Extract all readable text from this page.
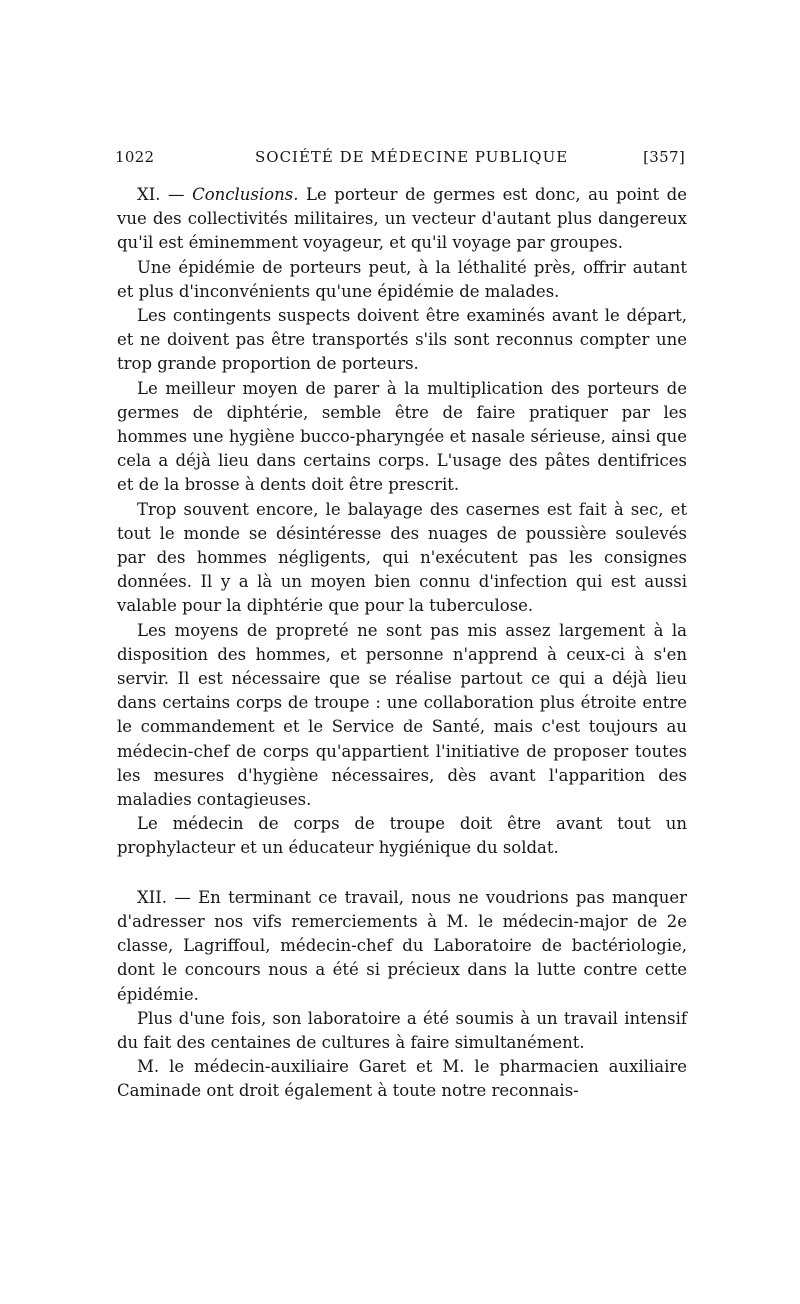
1022	SOCIÉTÉ DE MÉDECINE PUBLIQUE	[357]

XI. — Conclusions. Le porteur de germes est donc, au point de vue des collectivités militaires, un vecteur d'autant plus dangereux qu'il est éminemment voyageur, et qu'il voyage par groupes.

Une épidémie de porteurs peut, à la léthalité près, offrir autant et plus d'inconvénients qu'une épidémie de malades.

Les contingents suspects doivent être examinés avant le départ, et ne doivent pas être transportés s'ils sont reconnus compter une trop grande proportion de porteurs.

Le meilleur moyen de parer à la multiplication des porteurs de germes de diphtérie, semble être de faire pratiquer par les hommes une hygiène bucco-pharyngée et nasale sérieuse, ainsi que cela a déjà lieu dans certains corps. L'usage des pâtes dentifrices et de la brosse à dents doit être prescrit.

Trop souvent encore, le balayage des casernes est fait à sec, et tout le monde se désintéresse des nuages de poussière soulevés par des hommes négligents, qui n'exécutent pas les consignes données. Il y a là un moyen bien connu d'infection qui est aussi valable pour la diphtérie que pour la tuberculose.

Les moyens de propreté ne sont pas mis assez largement à la disposition des hommes, et personne n'apprend à ceux-ci à s'en servir. Il est nécessaire que se réalise partout ce qui a déjà lieu dans certains corps de troupe : une collaboration plus étroite entre le commandement et le Service de Santé, mais c'est toujours au médecin-chef de corps qu'appartient l'initiative de proposer toutes les mesures d'hygiène nécessaires, dès avant l'apparition des maladies contagieuses.

Le médecin de corps de troupe doit être avant tout un prophylacteur et un éducateur hygiénique du soldat.

XII. — En terminant ce travail, nous ne voudrions pas manquer d'adresser nos vifs remerciements à M. le médecin-major de 2e classe, Lagriffoul, médecin-chef du Laboratoire de bactériologie, dont le concours nous a été si précieux dans la lutte contre cette épidémie.

Plus d'une fois, son laboratoire a été soumis à un travail intensif du fait des centaines de cultures à faire simultanément.

M. le médecin-auxiliaire Garet et M. le pharmacien auxiliaire Caminade ont droit également à toute notre reconnais-
